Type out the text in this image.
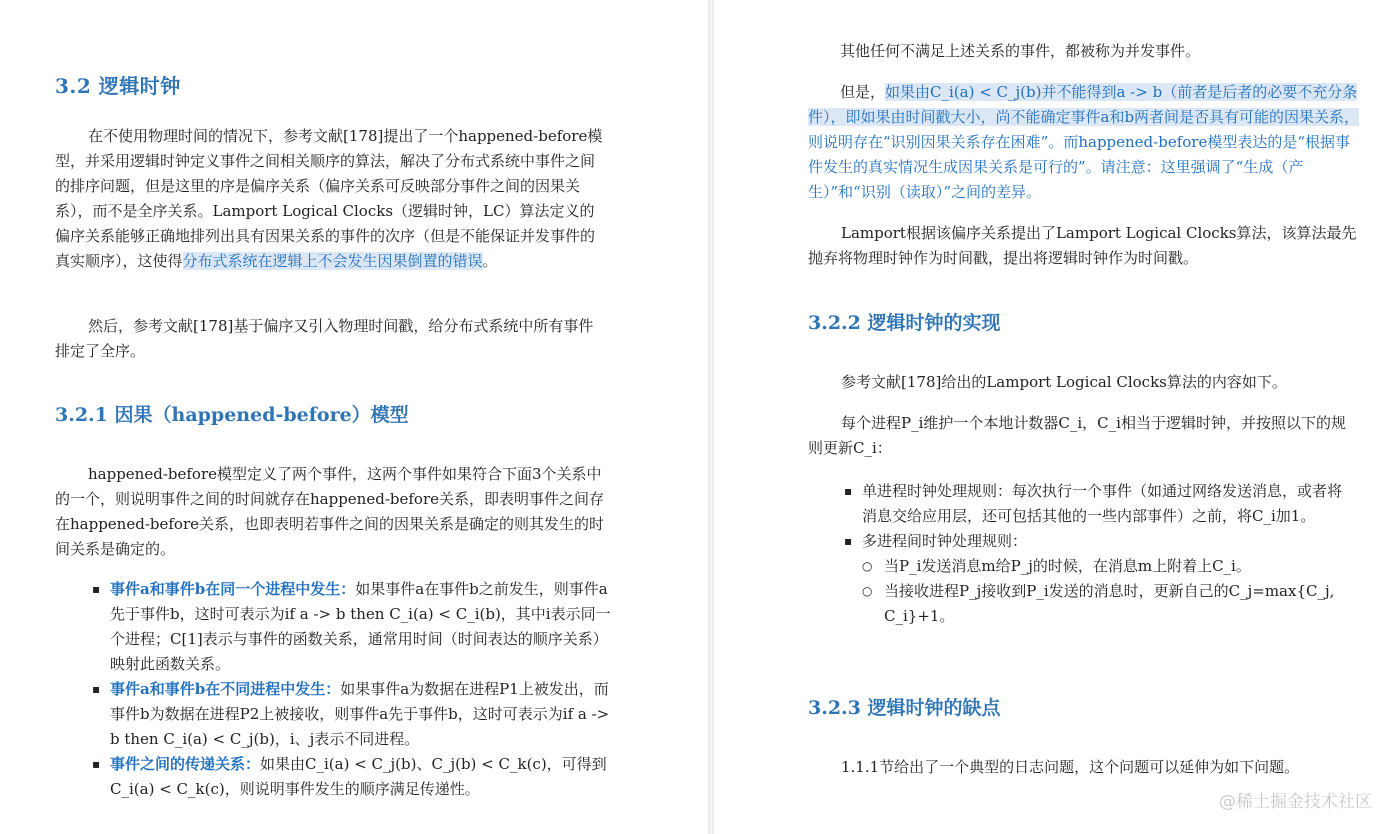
3.2 逻辑时钟

在不使用物理时间的情况下，参考文献[178]提出了一个happened-before模型，并采用逻辑时钟定义事件之间相关顺序的算法，解决了分布式系统中事件之间的排序问题，但是这里的序是偏序关系（偏序关系可反映部分事件之间的因果关系），而不是全序关系。Lamport Logical Clocks（逻辑时钟，LC）算法定义的偏序关系能够正确地排列出具有因果关系的事件的次序（但是不能保证并发事件的真实顺序），这使得分布式系统在逻辑上不会发生因果倒置的错误。

然后，参考文献[178]基于偏序又引入物理时间戳，给分布式系统中所有事件排定了全序。

3.2.1 因果（happened-before）模型

happened-before模型定义了两个事件，这两个事件如果符合下面3个关系中的一个，则说明事件之间的时间就存在happened-before关系，即表明事件之间存在happened-before关系，也即表明若事件之间的因果关系是确定的则其发生的时间关系是确定的。

▪ 事件a和事件b在同一个进程中发生：如果事件a在事件b之前发生，则事件a先于事件b，这时可表示为if a -> b then C_i(a) < C_i(b)，其中i表示同一个进程；C[1]表示与事件的函数关系，通常用时间（时间表达的顺序关系）映射此函数关系。
▪ 事件a和事件b在不同进程中发生：如果事件a为数据在进程P1上被发出，而事件b为数据在进程P2上被接收，则事件a先于事件b，这时可表示为if a -> b then C_i(a) < C_j(b)，i、j表示不同进程。
▪ 事件之间的传递关系：如果由C_i(a) < C_j(b)、C_j(b) < C_k(c)，可得到C_i(a) < C_k(c)，则说明事件发生的顺序满足传递性。

其他任何不满足上述关系的事件，都被称为并发事件。

但是，如果由C_i(a) < C_j(b)并不能得到a -> b（前者是后者的必要不充分条件），即如果由时间戳大小，尚不能确定事件a和b两者间是否具有可能的因果关系，则说明存在“识别因果关系存在困难”。而happened-before模型表达的是“根据事件发生的真实情况生成因果关系是可行的”。请注意：这里强调了“生成（产生）”和“识别（读取）”之间的差异。

Lamport根据该偏序关系提出了Lamport Logical Clocks算法，该算法最先抛弃将物理时钟作为时间戳，提出将逻辑时钟作为时间戳。

3.2.2 逻辑时钟的实现

参考文献[178]给出的Lamport Logical Clocks算法的内容如下。

每个进程P_i维护一个本地计数器C_i，C_i相当于逻辑时钟，并按照以下的规则更新C_i：

▪ 单进程时钟处理规则：每次执行一个事件（如通过网络发送消息，或者将消息交给应用层，还可包括其他的一些内部事件）之前，将C_i加1。
▪ 多进程间时钟处理规则：
○ 当P_i发送消息m给P_j的时候，在消息m上附着上C_i。
○ 当接收进程P_j接收到P_i发送的消息时，更新自己的C_j=max{C_j, C_i}+1。
3.2.3 逻辑时钟的缺点

1.1.1节给出了一个典型的日志问题，这个问题可以延伸为如下问题。

@稀土掘金技术社区
